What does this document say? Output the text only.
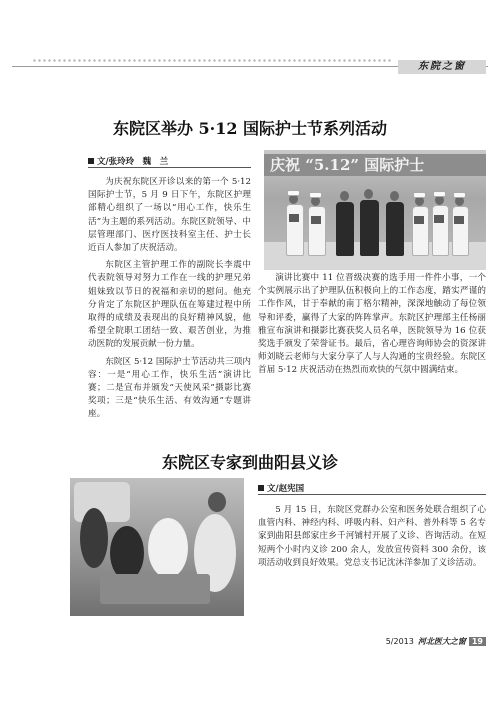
东院之窗
东院区举办 5·12 国际护士节系列活动
文/张玲玲　魏　兰

为庆祝东院区开诊以来的第一个 5·12 国际护士节，5 月 9 日下午，东院区护理部精心组织了一场以“用心工作，快乐生活”为主题的系列活动。东院区院领导、中层管理部门、医疗医技科室主任、护士长近百人参加了庆祝活动。

东院区主管护理工作的副院长李震中代表院领导对努力工作在一线的护理兄弟姐妹致以节日的祝福和亲切的慰问。他充分肯定了东院区护理队伍在筹建过程中所取得的成绩及表现出的良好精神风貌，他希望全院职工团结一致、艰苦创业，为推动医院的发展贡献一份力量。

东院区 5·12 国际护士节活动共三项内容：一是“用心工作，快乐生活”演讲比赛；二是宣布并颁发“天使风采”摄影比赛奖项；三是“快乐生活、有效沟通”专题讲座。

庆祝 “5.12” 国际护士

演讲比赛中 11 位晋级决赛的选手用一件件小事，一个个实例展示出了护理队伍积极向上的工作态度，踏实严谨的工作作风，甘于奉献的南丁格尔精神，深深地触动了每位领导和评委，赢得了大家的阵阵掌声。东院区护理部主任杨丽雅宣布演讲和摄影比赛获奖人员名单，医院领导为 16 位获奖选手颁发了荣誉证书。最后，省心理咨询师协会的资深讲师刘晓云老师与大家分享了人与人沟通的宝贵经验。东院区首届 5·12 庆祝活动在热烈而欢快的气氛中圆满结束。

东院区专家到曲阳县义诊
文/赵宪国

5 月 15 日，东院区党群办公室和医务处联合组织了心血管内科、神经内科、呼吸内科、妇产科、普外科等 5 名专家到曲阳县郎家庄乡千河铺村开展了义诊、咨询活动。在短短两个小时内义诊 200 余人，发放宣传资料 300 余份，该项活动收到良好效果。党总支书记沈沐洋参加了义诊活动。

5/2013 河北医大之窗 19
